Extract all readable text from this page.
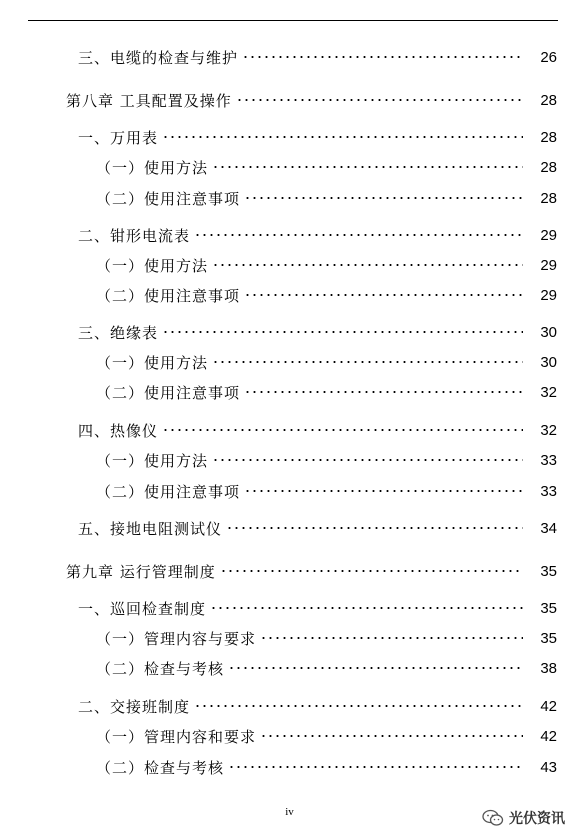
三、电缆的检查与维护	26
第八章 工具配置及操作	28
一、万用表	28
（一）使用方法	28
（二）使用注意事项	28
二、钳形电流表	29
（一）使用方法	29
（二）使用注意事项	29
三、绝缘表	30
（一）使用方法	30
（二）使用注意事项	32
四、热像仪	32
（一）使用方法	33
（二）使用注意事项	33
五、接地电阻测试仪	34
第九章 运行管理制度	35
一、巡回检查制度	35
（一）管理内容与要求	35
（二）检查与考核	38
二、交接班制度	42
（一）管理内容和要求	42
（二）检查与考核	43
iv	光伏资讯
